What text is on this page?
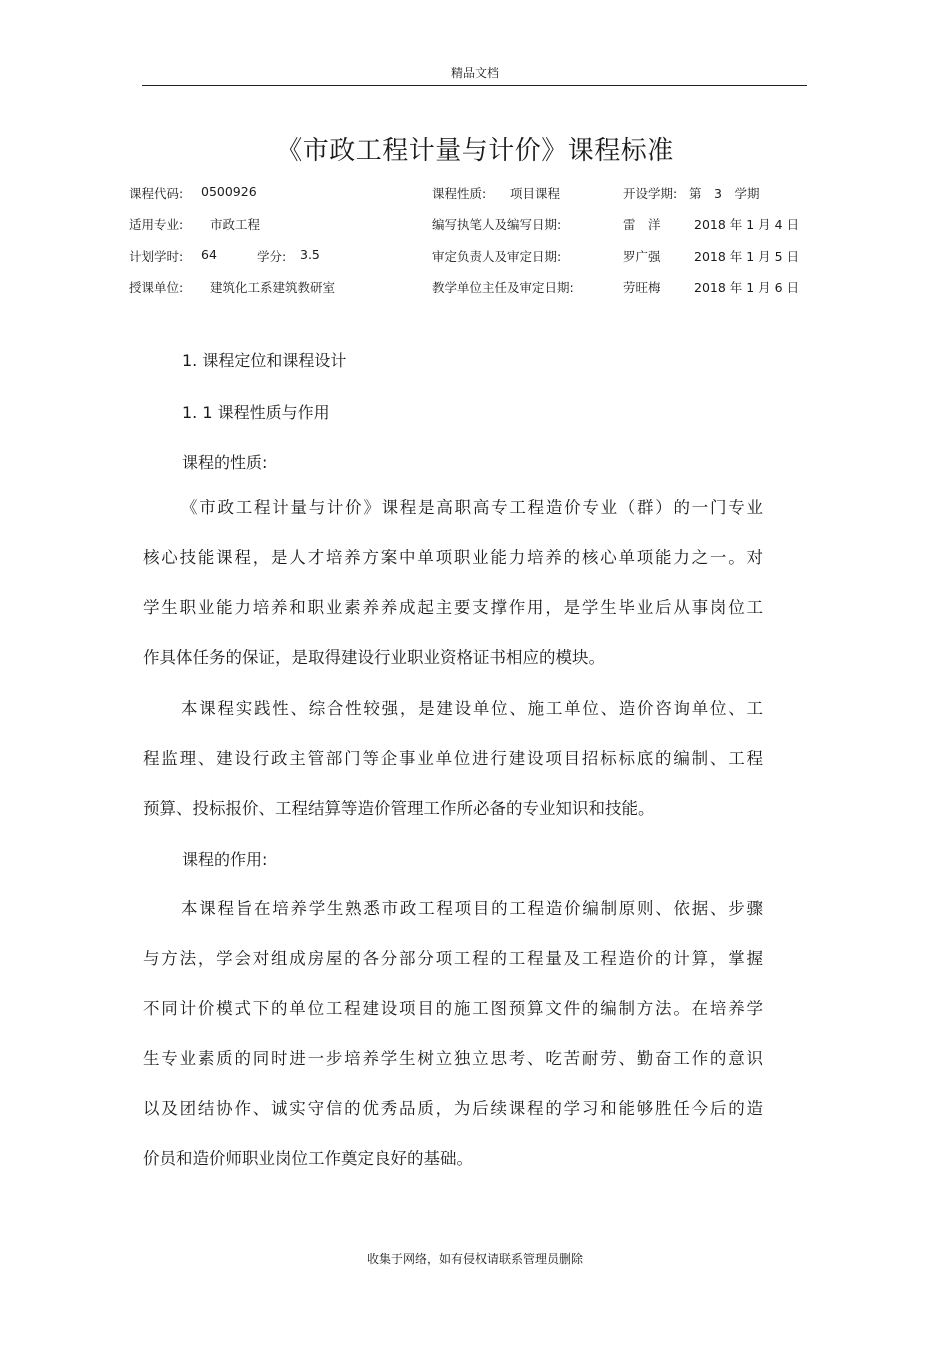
精品文档
《市政工程计量与计价》课程标准
课程代码: 0500926	课程性质: 项目课程	开设学期: 第　3　学期
适用专业: 市政工程	编写执笔人及编写日期:	雷　洋	2018 年 1 月 4 日
计划学时: 64	学分: 3.5	审定负责人及审定日期:	罗广强	2018 年 1 月 5 日
授课单位: 建筑化工系建筑教研室	教学单位主任及审定日期:	劳旺梅	2018 年 1 月 6 日
1. 课程定位和课程设计
1. 1 课程性质与作用
课程的性质:
《市政工程计量与计价》课程是高职高专工程造价专业（群）的一门专业
核心技能课程，是人才培养方案中单项职业能力培养的核心单项能力之一。对
学生职业能力培养和职业素养养成起主要支撑作用，是学生毕业后从事岗位工
作具体任务的保证，是取得建设行业职业资格证书相应的模块。
本课程实践性、综合性较强，是建设单位、施工单位、造价咨询单位、工
程监理、建设行政主管部门等企事业单位进行建设项目招标标底的编制、工程
预算、投标报价、工程结算等造价管理工作所必备的专业知识和技能。
课程的作用:
本课程旨在培养学生熟悉市政工程项目的工程造价编制原则、依据、步骤
与方法，学会对组成房屋的各分部分项工程的工程量及工程造价的计算，掌握
不同计价模式下的单位工程建设项目的施工图预算文件的编制方法。在培养学
生专业素质的同时进一步培养学生树立独立思考、吃苦耐劳、勤奋工作的意识
以及团结协作、诚实守信的优秀品质，为后续课程的学习和能够胜任今后的造
价员和造价师职业岗位工作奠定良好的基础。
收集于网络，如有侵权请联系管理员删除
